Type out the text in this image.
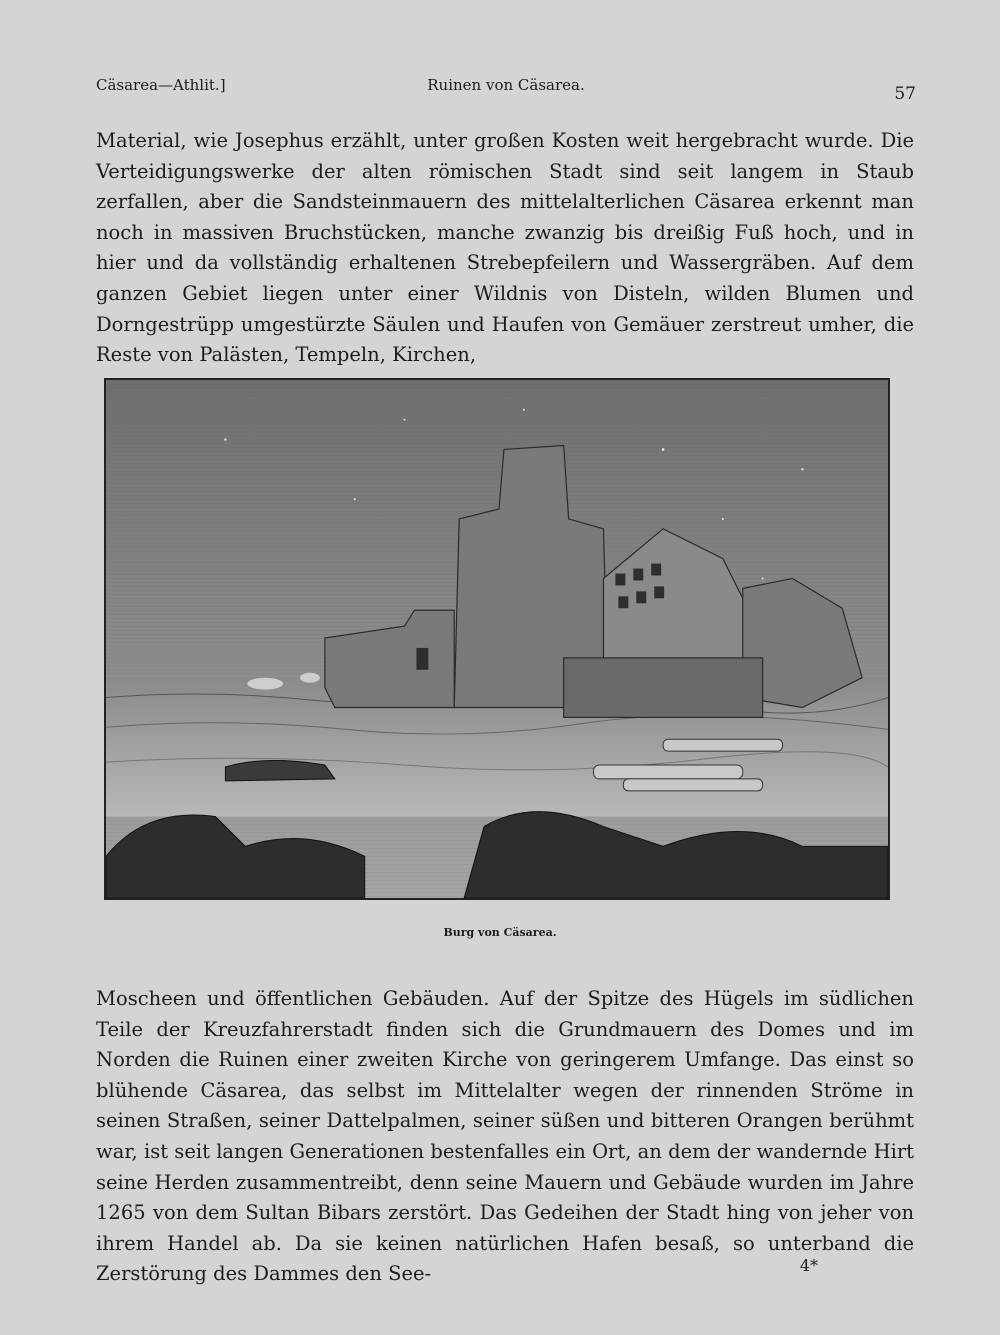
Cäsarea—Athlit.]	Ruinen von Cäsarea.	57

Material, wie Josephus erzählt, unter großen Kosten weit hergebracht wurde. Die Verteidigungswerke der alten römischen Stadt sind seit langem in Staub zerfallen, aber die Sandsteinmauern des mittelalterlichen Cäsarea erkennt man noch in massiven Bruchstücken, manche zwanzig bis dreißig Fuß hoch, und in hier und da vollständig erhaltenen Strebepfeilern und Wassergräben. Auf dem ganzen Gebiet liegen unter einer Wildnis von Disteln, wilden Blumen und Dorngestrüpp umgestürzte Säulen und Haufen von Gemäuer zerstreut umher, die Reste von Palästen, Tempeln, Kirchen,

Burg von Cäsarea.

Moscheen und öffentlichen Gebäuden. Auf der Spitze des Hügels im südlichen Teile der Kreuzfahrerstadt finden sich die Grundmauern des Domes und im Norden die Ruinen einer zweiten Kirche von geringerem Umfange. Das einst so blühende Cäsarea, das selbst im Mittelalter wegen der rinnenden Ströme in seinen Straßen, seiner Dattelpalmen, seiner süßen und bitteren Orangen berühmt war, ist seit langen Generationen bestenfalles ein Ort, an dem der wandernde Hirt seine Herden zusammentreibt, denn seine Mauern und Gebäude wurden im Jahre 1265 von dem Sultan Bibars zerstört. Das Gedeihen der Stadt hing von jeher von ihrem Handel ab. Da sie keinen natürlichen Hafen besaß, so unterband die Zerstörung des Dammes den See-	4*
